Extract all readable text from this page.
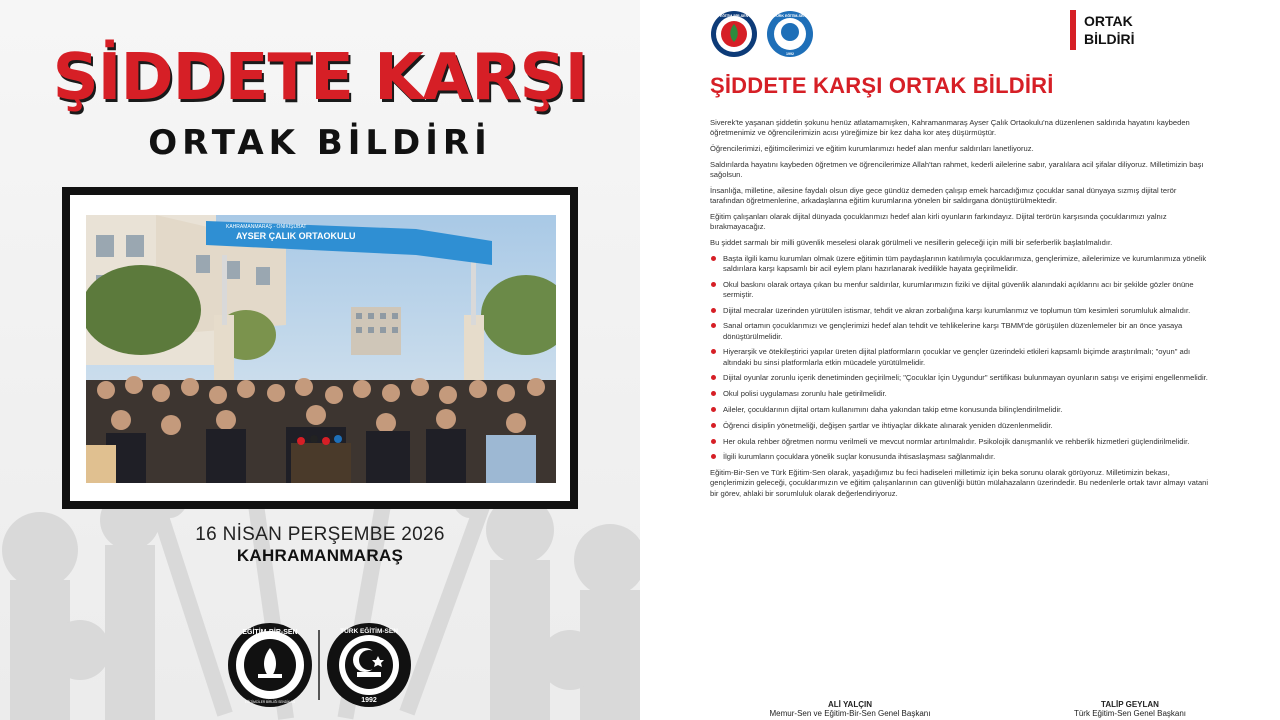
ŞİDDETE KARŞI
ORTAK BİLDİRİ
KAHRAMANMARAŞ - ONİKİŞUBAT
AYSER ÇALIK ORTAOKULU
16 NİSAN PERŞEMBE 2026
KAHRAMANMARAŞ
EĞİTİM-BİR-SEN
EĞİTİMCİLER BİRLİĞİ SENDİKASI
TÜRK EĞİTİM-SEN
1992
EĞİTİM-BİR-SEN	TÜRK EĞİTİM-SEN
1992
ORTAK
BİLDİRİ
ŞİDDETE KARŞI ORTAK BİLDİRİ

Siverek'te yaşanan şiddetin şokunu henüz atlatamamışken, Kahramanmaraş Ayser Çalık Ortaokulu'na düzenlenen saldırıda hayatını kaybeden öğretmenimiz ve öğrencilerimizin acısı yüreğimize bir kez daha kor ateş düşürmüştür.

Öğrencilerimizi, eğitimcilerimizi ve eğitim kurumlarımızı hedef alan menfur saldırıları lanetliyoruz.

Saldırılarda hayatını kaybeden öğretmen ve öğrencilerimize Allah'tan rahmet, kederli ailelerine sabır, yaralılara acil şifalar diliyoruz. Milletimizin başı sağolsun.

İnsanlığa, milletine, ailesine faydalı olsun diye gece gündüz demeden çalışıp emek harcadığımız çocuklar sanal dünyaya sızmış dijital terör tarafından öğretmenlerine, arkadaşlarına eğitim kurumlarına yönelen bir saldırgana dönüştürülmektedir.

Eğitim çalışanları olarak dijital dünyada çocuklarımızı hedef alan kirli oyunların farkındayız. Dijital terörün karşısında çocuklarımızı yalnız bırakmayacağız.

Bu şiddet sarmalı bir milli güvenlik meselesi olarak görülmeli ve nesillerin geleceği için milli bir seferberlik başlatılmalıdır.

Başta ilgili kamu kurumları olmak üzere eğitimin tüm paydaşlarının katılımıyla çocuklarımıza, gençlerimize, ailelerimize ve kurumlarımıza yönelik saldırılara karşı kapsamlı bir acil eylem planı hazırlanarak ivedilikle hayata geçirilmelidir.
Okul baskını olarak ortaya çıkan bu menfur saldırılar, kurumlarımızın fiziki ve dijital güvenlik alanındaki açıklarını acı bir şekilde gözler önüne sermiştir.
Dijital mecralar üzerinden yürütülen istismar, tehdit ve akran zorbalığına karşı kurumlarımız ve toplumun tüm kesimleri sorumluluk almalıdır.
Sanal ortamın çocuklarımızı ve gençlerimizi hedef alan tehdit ve tehlikelerine karşı TBMM'de görüşülen düzenlemeler bir an önce yasaya dönüştürülmelidir.
Hiyerarşik ve ötekileştirici yapılar üreten dijital platformların çocuklar ve gençler üzerindeki etkileri kapsamlı biçimde araştırılmalı; "oyun" adı altındaki bu sinsi platformlarla etkin mücadele yürütülmelidir.
Dijital oyunlar zorunlu içerik denetiminden geçirilmeli; "Çocuklar İçin Uygundur" sertifikası bulunmayan oyunların satışı ve erişimi engellenmelidir.
Okul polisi uygulaması zorunlu hale getirilmelidir.
Aileler, çocuklarının dijital ortam kullanımını daha yakından takip etme konusunda bilinçlendirilmelidir.
Öğrenci disiplin yönetmeliği, değişen şartlar ve ihtiyaçlar dikkate alınarak yeniden düzenlenmelidir.
Her okula rehber öğretmen normu verilmeli ve mevcut normlar artırılmalıdır. Psikolojik danışmanlık ve rehberlik hizmetleri güçlendirilmelidir.
İlgili kurumların çocuklara yönelik suçlar konusunda ihtisaslaşması sağlanmalıdır.

Eğitim-Bir-Sen ve Türk Eğitim-Sen olarak, yaşadığımız bu feci hadiseleri milletimiz için beka sorunu olarak görüyoruz. Milletimizin bekası, gençlerimizin geleceği, çocuklarımızın ve eğitim çalışanlarının can güvenliği bütün mülahazaların üzerindedir. Bu nedenlerle ortak tavır almayı vatani bir görev, ahlaki bir sorumluluk olarak değerlendiriyoruz.

ALİ YALÇIN
Memur-Sen ve Eğitim-Bir-Sen Genel Başkanı
TALİP GEYLAN
Türk Eğitim-Sen Genel Başkanı
